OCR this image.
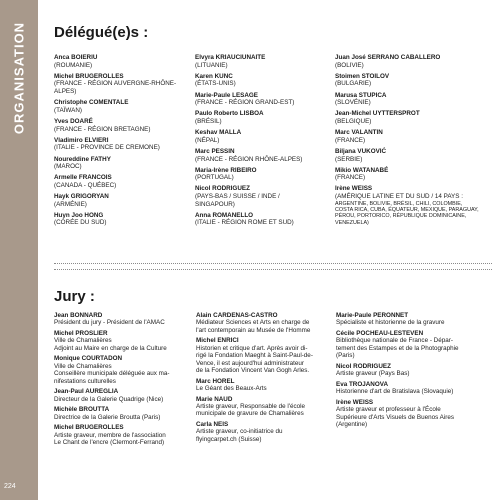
ORGANISATION
224
Délégué(e)s :
Anca BOIERIU
(ROUMANIE)
Michel BRUGEROLLES
(FRANCE - RÉGION AUVERGNE-RHÔNE-ALPES)
Christophe COMENTALE
(TAÏWAN)
Yves DOARÉ
(FRANCE - RÉGION BRETAGNE)
Vladimiro ELVIERI
(ITALIE - PROVINCE DE CREMONE)
Noureddine FATHY
(MAROC)
Armelle FRANCOIS
(CANADA - QUÉBEC)
Hayk GRIGORYAN
(ARMÉNIE)
Huyn Joo HONG
(CORÉE DU SUD)
Elvyra KRIAUCIUNAITE
(LITUANIE)
Karen KUNC
(ÉTATS-UNIS)
Marie-Paule LESAGE
(FRANCE - RÉGION GRAND-EST)
Paulo Roberto LISBOA
(BRÉSIL)
Keshav MALLA
(NÉPAL)
Marc PESSIN
(FRANCE - RÉGION RHÔNE-ALPES)
Maria-Irène RIBEIRO
(PORTUGAL)
Nicol RODRIGUEZ
(PAYS-BAS / SUISSE / INDE /
SINGAPOUR)
Anna ROMANELLO
(ITALIE - RÉGION ROME ET SUD)
Juan José SERRANO CABALLERO
(BOLIVIE)
Stoimen STOILOV
(BULGARIE)
Marusa STUPICA
(SLOVÉNIE)
Jean-Michel UYTTERSPROT
(BELGIQUE)
Marc VALANTIN
(FRANCE)
Biljana VUKOVIĆ
(SERBIE)
Mikio WATANABÉ
(FRANCE)
Irène WEISS
(AMÉRIQUE LATINE ET DU SUD / 14 PAYS :
ARGENTINE, BOLIVIE, BRÉSIL, CHILI, COLOMBIE,
COSTA RICA, CUBA, ÉQUATEUR, MEXIQUE, PARAGUAY,
PÉROU, PORTORICO, RÉPUBLIQUE DOMINICAINE,
VENEZUELA)
Jury :
Jean BONNARD
Président du jury - Président de l'AMAC
Michel PROSLIER
Ville de Chamalières
Adjoint au Maire en charge de la Culture
Monique COURTADON
Ville de Chamalières
Conseillère municipale déléguée aux ma-
nifestations culturelles
Jean-Paul AUREGLIA
Directeur de la Galerie Quadrige (Nice)
Michèle BROUTTA
Directrice de la Galerie Broutta (Paris)
Michel BRUGEROLLES
Artiste graveur, membre de l'association
Le Chant de l'encre (Clermont-Ferrand)
Alain CARDENAS-CASTRO
Médiateur Sciences et Arts en charge de
l'art contemporain au Musée de l'Homme
Michel ENRICI
Historien et critique d'art. Après avoir di-
rigé la Fondation Maeght à Saint-Paul-de-
Vence, il est aujourd'hui administrateur
de la Fondation Vincent Van Gogh Arles.
Marc HOREL
Le Géant des Beaux-Arts
Marie NAUD
Artiste graveur, Responsable de l'école
municipale de gravure de Chamalières
Carla NEIS
Artiste graveur, co-initiatrice du
flyingcarpet.ch (Suisse)
Marie-Paule PERONNET
Spécialiste et historienne de la gravure
Cécile POCHEAU-LESTEVEN
Bibliothèque nationale de France - Dépar-
tement des Estampes et de la Photographie
(Paris)
Nicol RODRIGUEZ
Artiste graveur (Pays Bas)
Eva TROJANOVA
Historienne d'art de Bratislava (Slovaquie)
Irène WEISS
Artiste graveur et professeur à l'École
Supérieure d'Arts Visuels de Buenos Aires
(Argentine)
